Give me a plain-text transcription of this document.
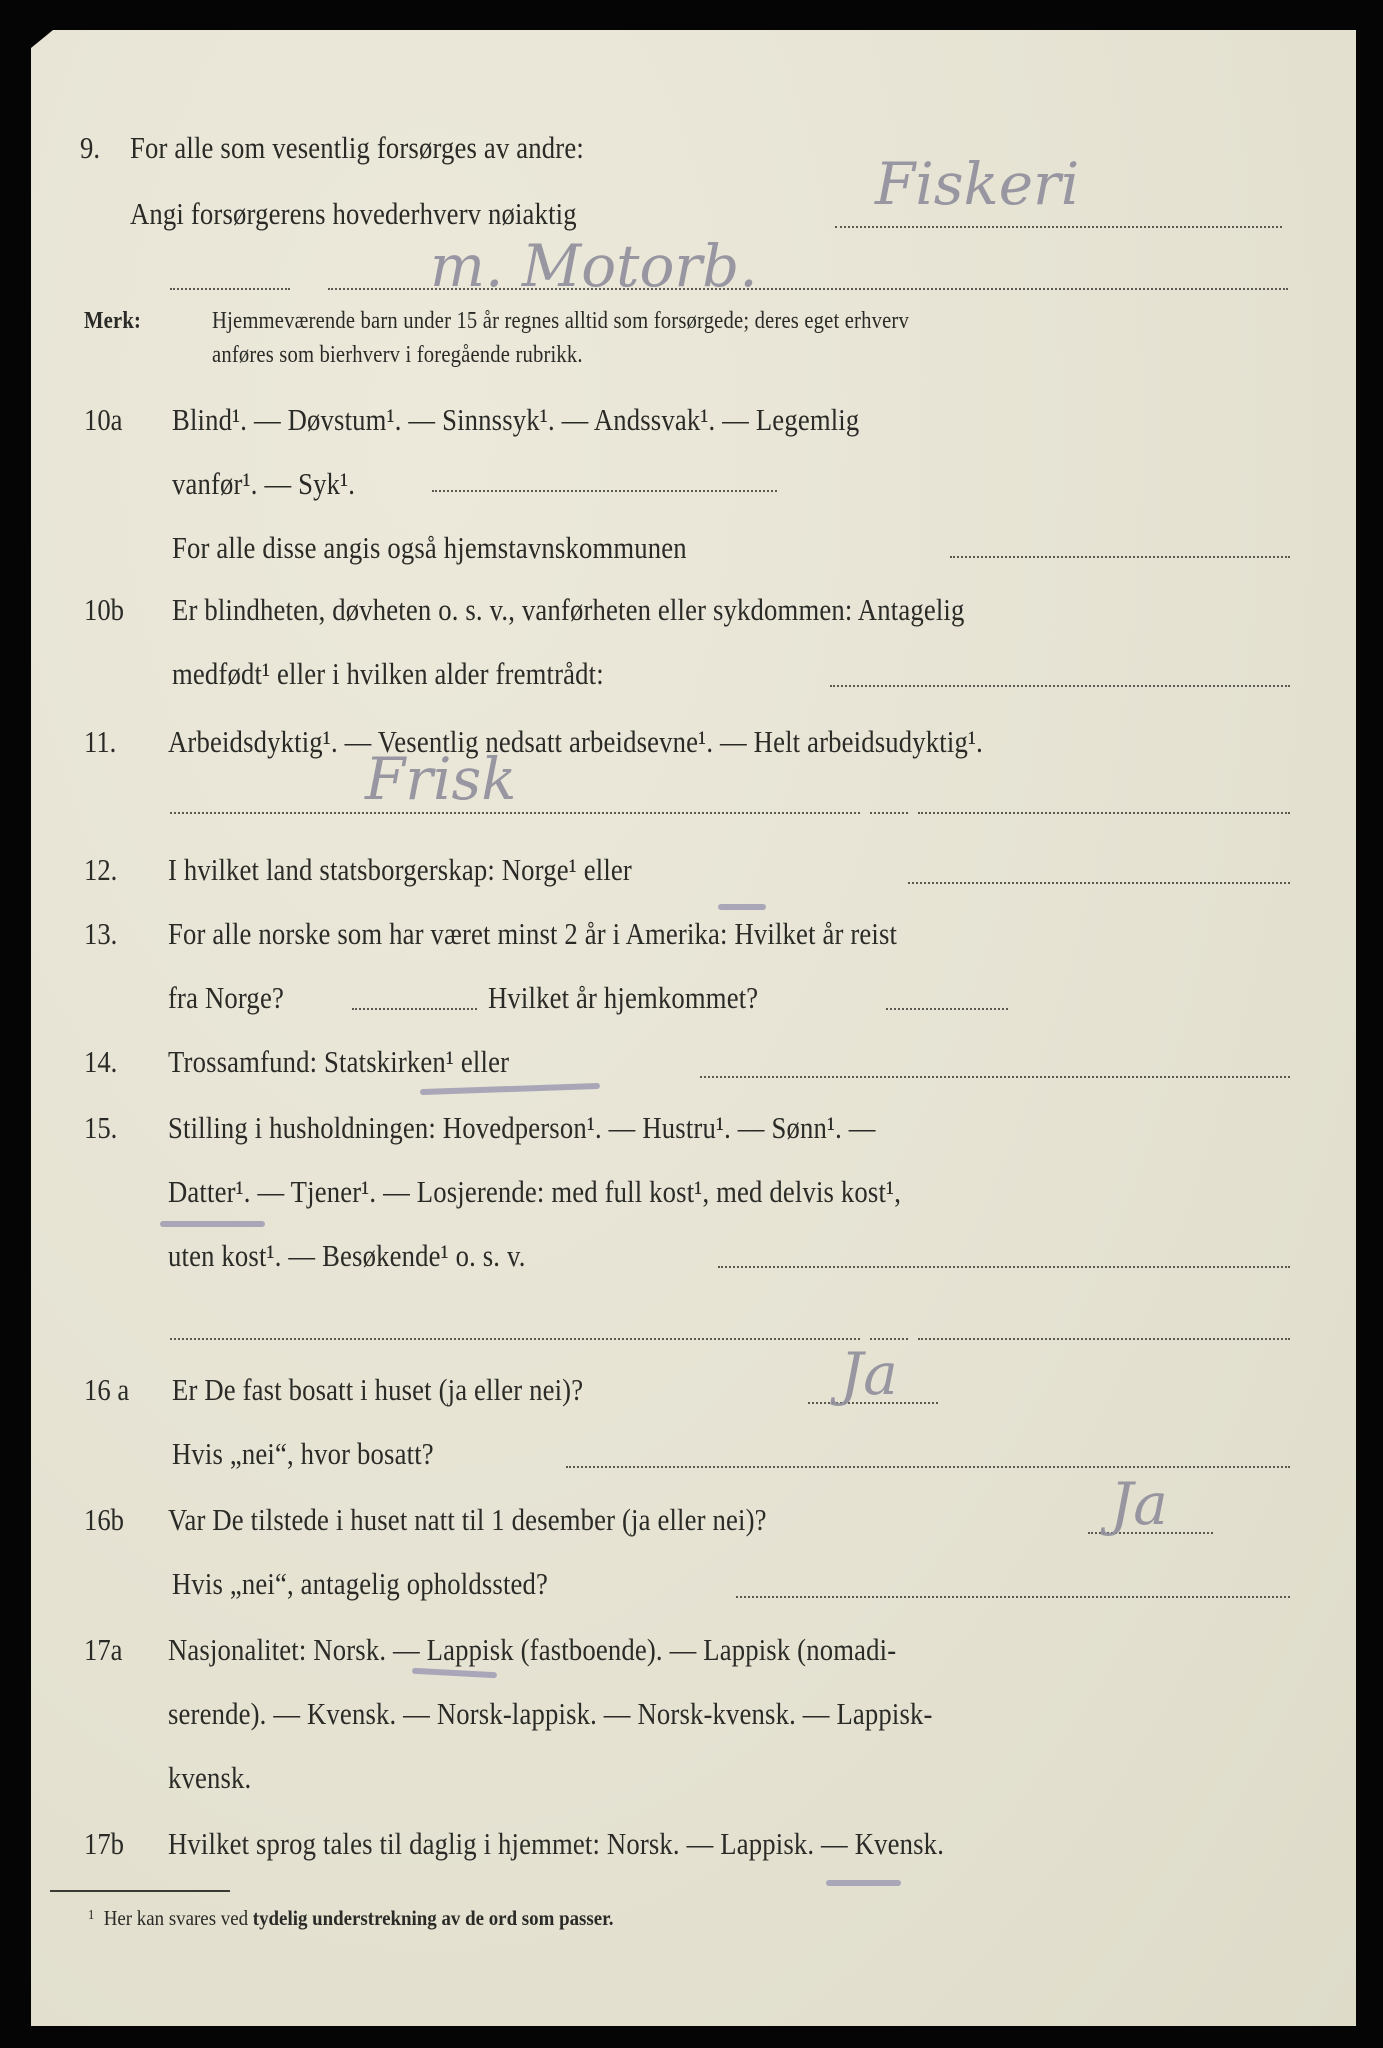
9. For alle som vesentlig forsørges av andre:
Angi forsørgerens hovederhverv nøiaktig	Fiskeri
m. Motorb.
Merk:	Hjemmeværende barn under 15 år regnes alltid som forsørgede; deres eget erhverv
anføres som bierhverv i foregående rubrikk.
10a Blind¹. — Døvstum¹. — Sinnssyk¹. — Andssvak¹. — Legemlig
vanfør¹. — Syk¹.
For alle disse angis også hjemstavnskommunen
10b Er blindheten, døvheten o. s. v., vanførheten eller sykdommen: Antagelig
medfødt¹ eller i hvilken alder fremtrådt:
11. Arbeidsdyktig¹. — Vesentlig nedsatt arbeidsevne¹. — Helt arbeidsudyktig¹.
Frisk
12. I hvilket land statsborgerskap: Norge¹ eller
13. For alle norske som har været minst 2 år i Amerika: Hvilket år reist
fra Norge?	Hvilket år hjemkommet?
14. Trossamfund: Statskirken¹ eller
15. Stilling i husholdningen: Hovedperson¹. — Hustru¹. — Sønn¹. —
Datter¹. — Tjener¹. — Losjerende: med full kost¹, med delvis kost¹,
uten kost¹. — Besøkende¹ o. s. v.
16 a Er De fast bosatt i huset (ja eller nei)?	Ja
Hvis „nei“, hvor bosatt?
16b Var De tilstede i huset natt til 1 desember (ja eller nei)?	Ja
Hvis „nei“, antagelig opholdssted?
17a Nasjonalitet: Norsk. — Lappisk (fastboende). — Lappisk (nomadi-
serende). — Kvensk. — Norsk-lappisk. — Norsk-kvensk. — Lappisk-
kvensk.
17b Hvilket sprog tales til daglig i hjemmet: Norsk. — Lappisk. — Kvensk.
$^1$ Her kan svares ved tydelig understrekning av de ord som passer.
